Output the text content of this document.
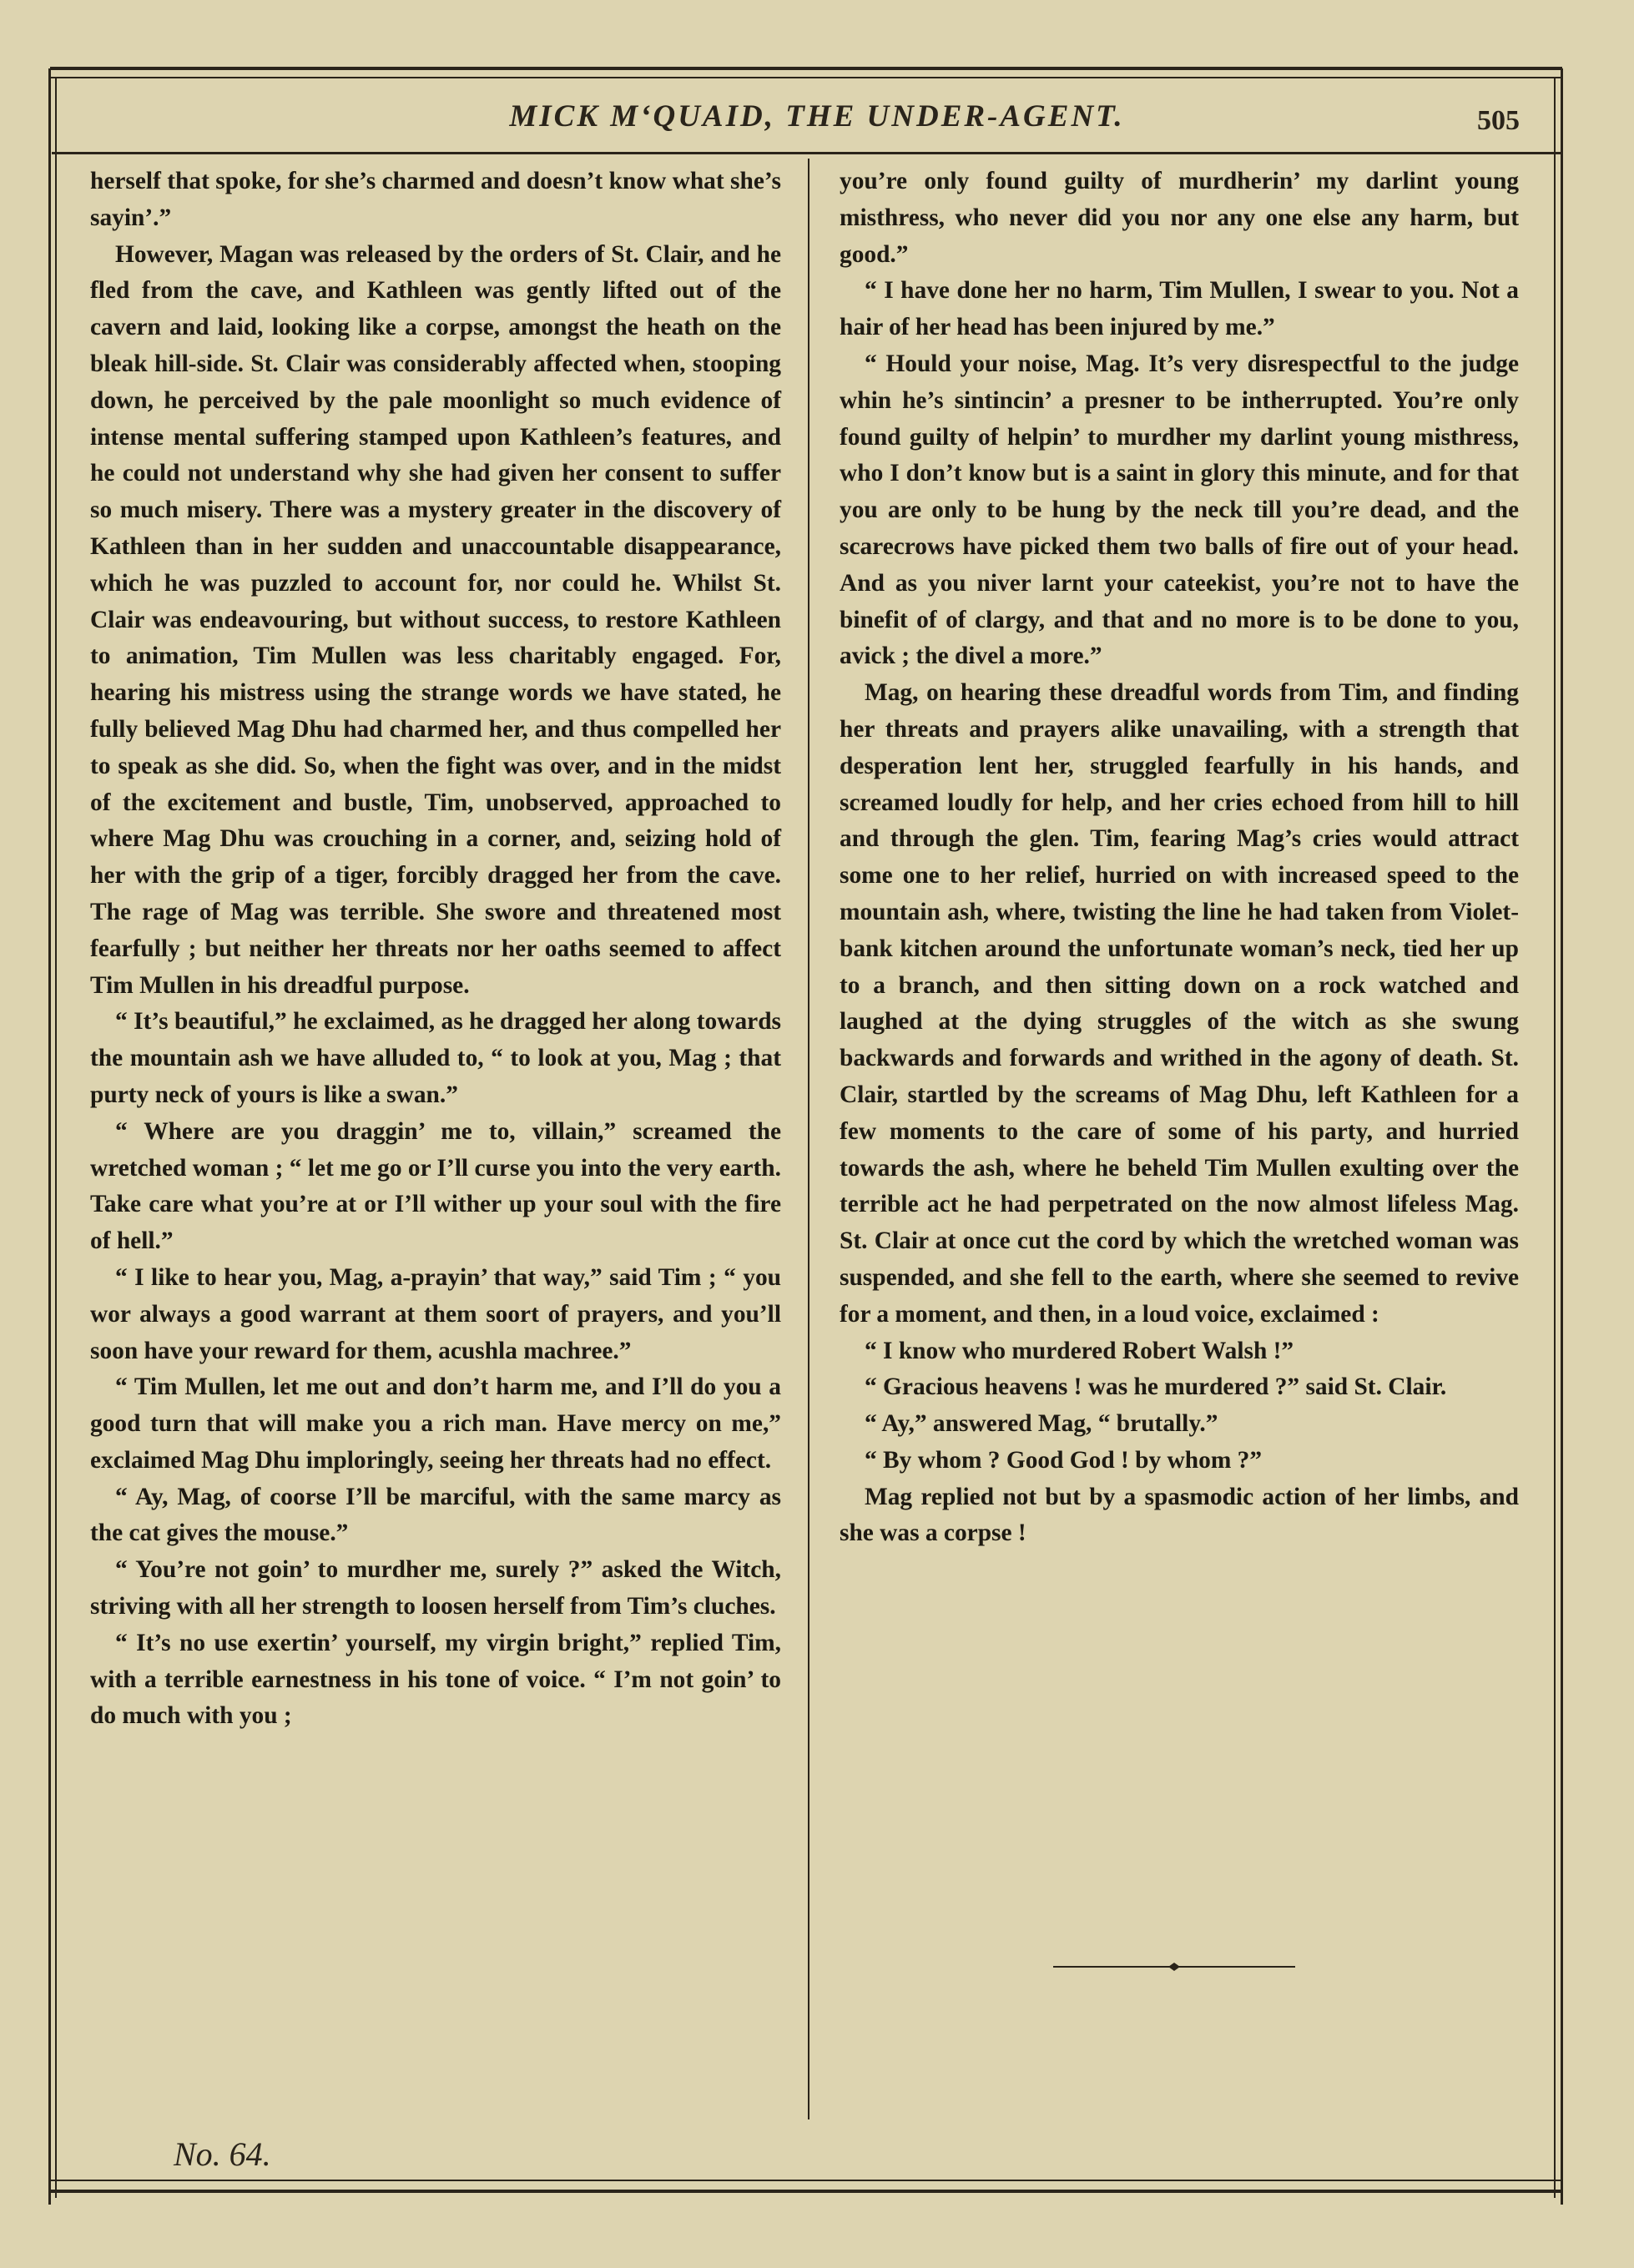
MICK M‘QUAID, THE UNDER-AGENT.	505

herself that spoke, for she’s charmed and doesn’t know what she’s sayin’.”

However, Magan was released by the orders of St. Clair, and he fled from the cave, and Kathleen was gently lifted out of the cavern and laid, looking like a corpse, amongst the heath on the bleak hill-side. St. Clair was considerably affected when, stooping down, he perceived by the pale moonlight so much evidence of intense mental suffering stamped upon Kathleen’s features, and he could not understand why she had given her consent to suffer so much misery. There was a mystery greater in the discovery of Kathleen than in her sudden and unaccountable disappearance, which he was puzzled to account for, nor could he. Whilst St. Clair was endeavouring, but without success, to restore Kathleen to animation, Tim Mullen was less charitably engaged. For, hearing his mistress using the strange words we have stated, he fully believed Mag Dhu had charmed her, and thus compelled her to speak as she did. So, when the fight was over, and in the midst of the excitement and bustle, Tim, unobserved, approached to where Mag Dhu was crouching in a corner, and, seizing hold of her with the grip of a tiger, forcibly dragged her from the cave. The rage of Mag was terrible. She swore and threatened most fearfully ; but neither her threats nor her oaths seemed to affect Tim Mullen in his dreadful purpose.

“ It’s beautiful,” he exclaimed, as he dragged her along towards the mountain ash we have alluded to, “ to look at you, Mag ; that purty neck of yours is like a swan.”

“ Where are you draggin’ me to, villain,” screamed the wretched woman ; “ let me go or I’ll curse you into the very earth. Take care what you’re at or I’ll wither up your soul with the fire of hell.”

“ I like to hear you, Mag, a-prayin’ that way,” said Tim ; “ you wor always a good warrant at them soort of prayers, and you’ll soon have your reward for them, acushla machree.”

“ Tim Mullen, let me out and don’t harm me, and I’ll do you a good turn that will make you a rich man. Have mercy on me,” exclaimed Mag Dhu imploringly, seeing her threats had no effect.

“ Ay, Mag, of coorse I’ll be marciful, with the same marcy as the cat gives the mouse.”

“ You’re not goin’ to murdher me, surely ?” asked the Witch, striving with all her strength to loosen herself from Tim’s cluches.

“ It’s no use exertin’ yourself, my virgin bright,” replied Tim, with a terrible earnestness in his tone of voice. “ I’m not goin’ to do much with you ;

you’re only found guilty of murdherin’ my darlint young misthress, who never did you nor any one else any harm, but good.”

“ I have done her no harm, Tim Mullen, I swear to you. Not a hair of her head has been injured by me.”

“ Hould your noise, Mag. It’s very disrespectful to the judge whin he’s sintincin’ a presner to be intherrupted. You’re only found guilty of helpin’ to murdher my darlint young misthress, who I don’t know but is a saint in glory this minute, and for that you are only to be hung by the neck till you’re dead, and the scarecrows have picked them two balls of fire out of your head. And as you niver larnt your cateekist, you’re not to have the binefit of of clargy, and that and no more is to be done to you, avick ; the divel a more.”

Mag, on hearing these dreadful words from Tim, and finding her threats and prayers alike unavailing, with a strength that desperation lent her, struggled fearfully in his hands, and screamed loudly for help, and her cries echoed from hill to hill and through the glen. Tim, fearing Mag’s cries would attract some one to her relief, hurried on with increased speed to the mountain ash, where, twisting the line he had taken from Violet-bank kitchen around the unfortunate woman’s neck, tied her up to a branch, and then sitting down on a rock watched and laughed at the dying struggles of the witch as she swung backwards and forwards and writhed in the agony of death. St. Clair, startled by the screams of Mag Dhu, left Kathleen for a few moments to the care of some of his party, and hurried towards the ash, where he beheld Tim Mullen exulting over the terrible act he had perpetrated on the now almost lifeless Mag. St. Clair at once cut the cord by which the wretched woman was suspended, and she fell to the earth, where she seemed to revive for a moment, and then, in a loud voice, exclaimed :

“ I know who murdered Robert Walsh !”

“ Gracious heavens ! was he murdered ?” said St. Clair.

“ Ay,” answered Mag, “ brutally.”

“ By whom ? Good God ! by whom ?”

Mag replied not but by a spasmodic action of her limbs, and she was a corpse !

No. 64.
